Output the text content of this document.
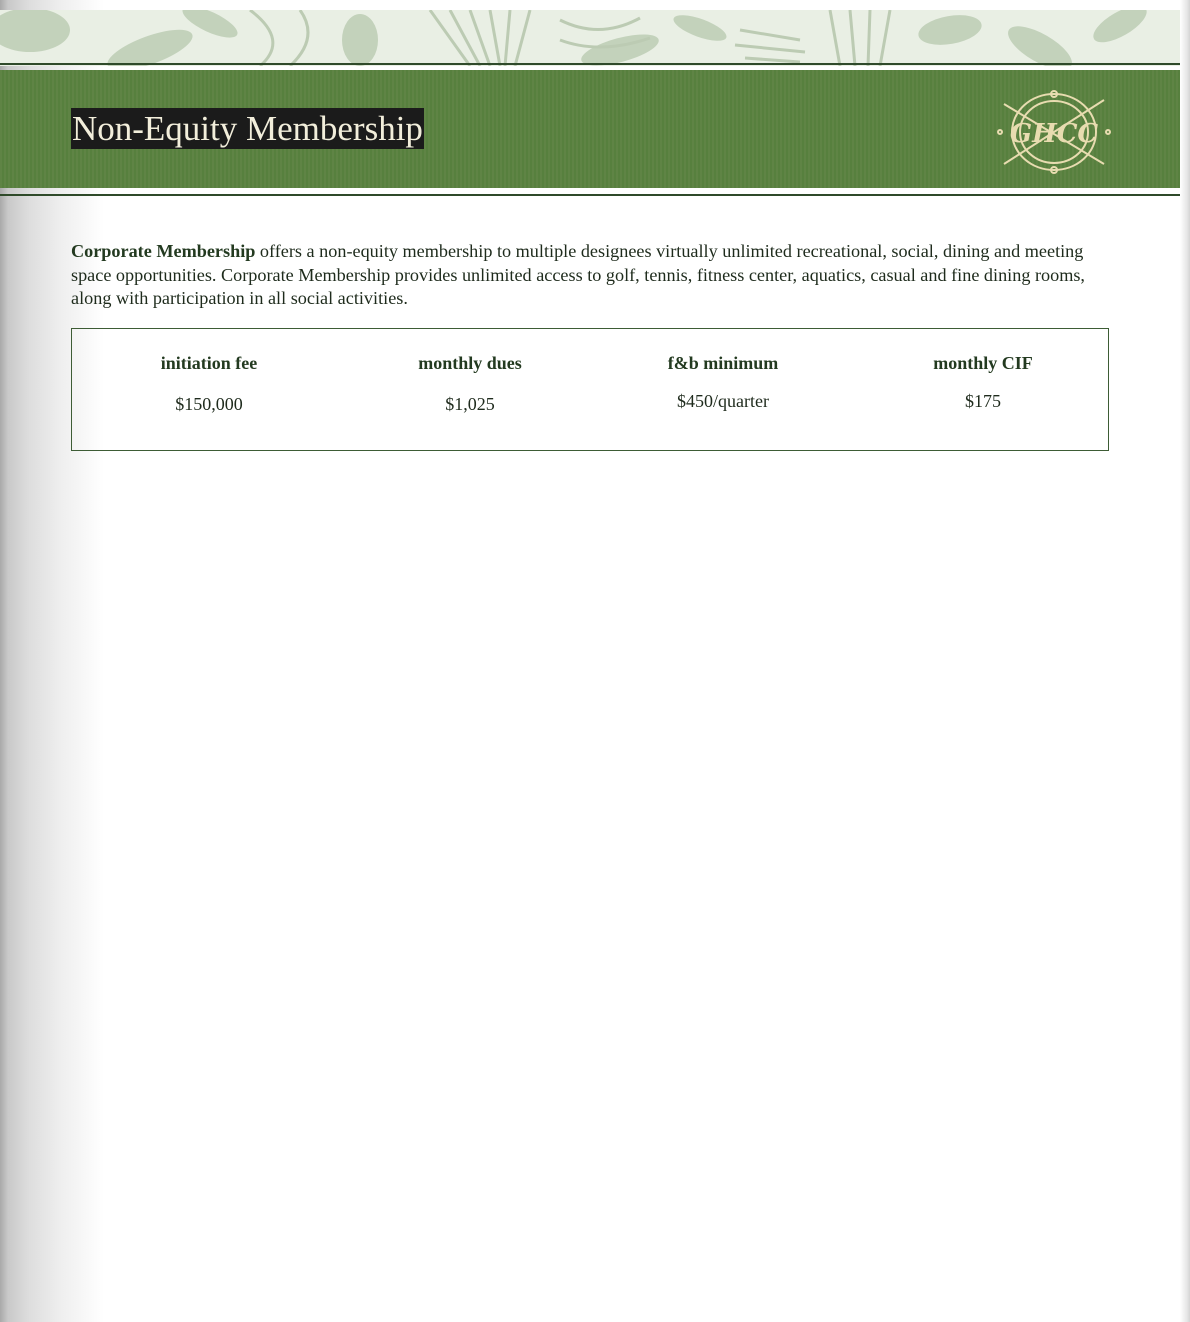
Non-Equity Membership	GHCC
Corporate Membership offers a non-equity membership to multiple designees virtually unlimited recreational, social, dining and meeting space opportunities. Corporate Membership provides unlimited access to golf, tennis, fitness center, aquatics, casual and fine dining rooms, along with participation in all social activities.
initiation fee
$150,000
monthly dues
$1,025
f&b minimum
$450/quarter
monthly CIF
$175
